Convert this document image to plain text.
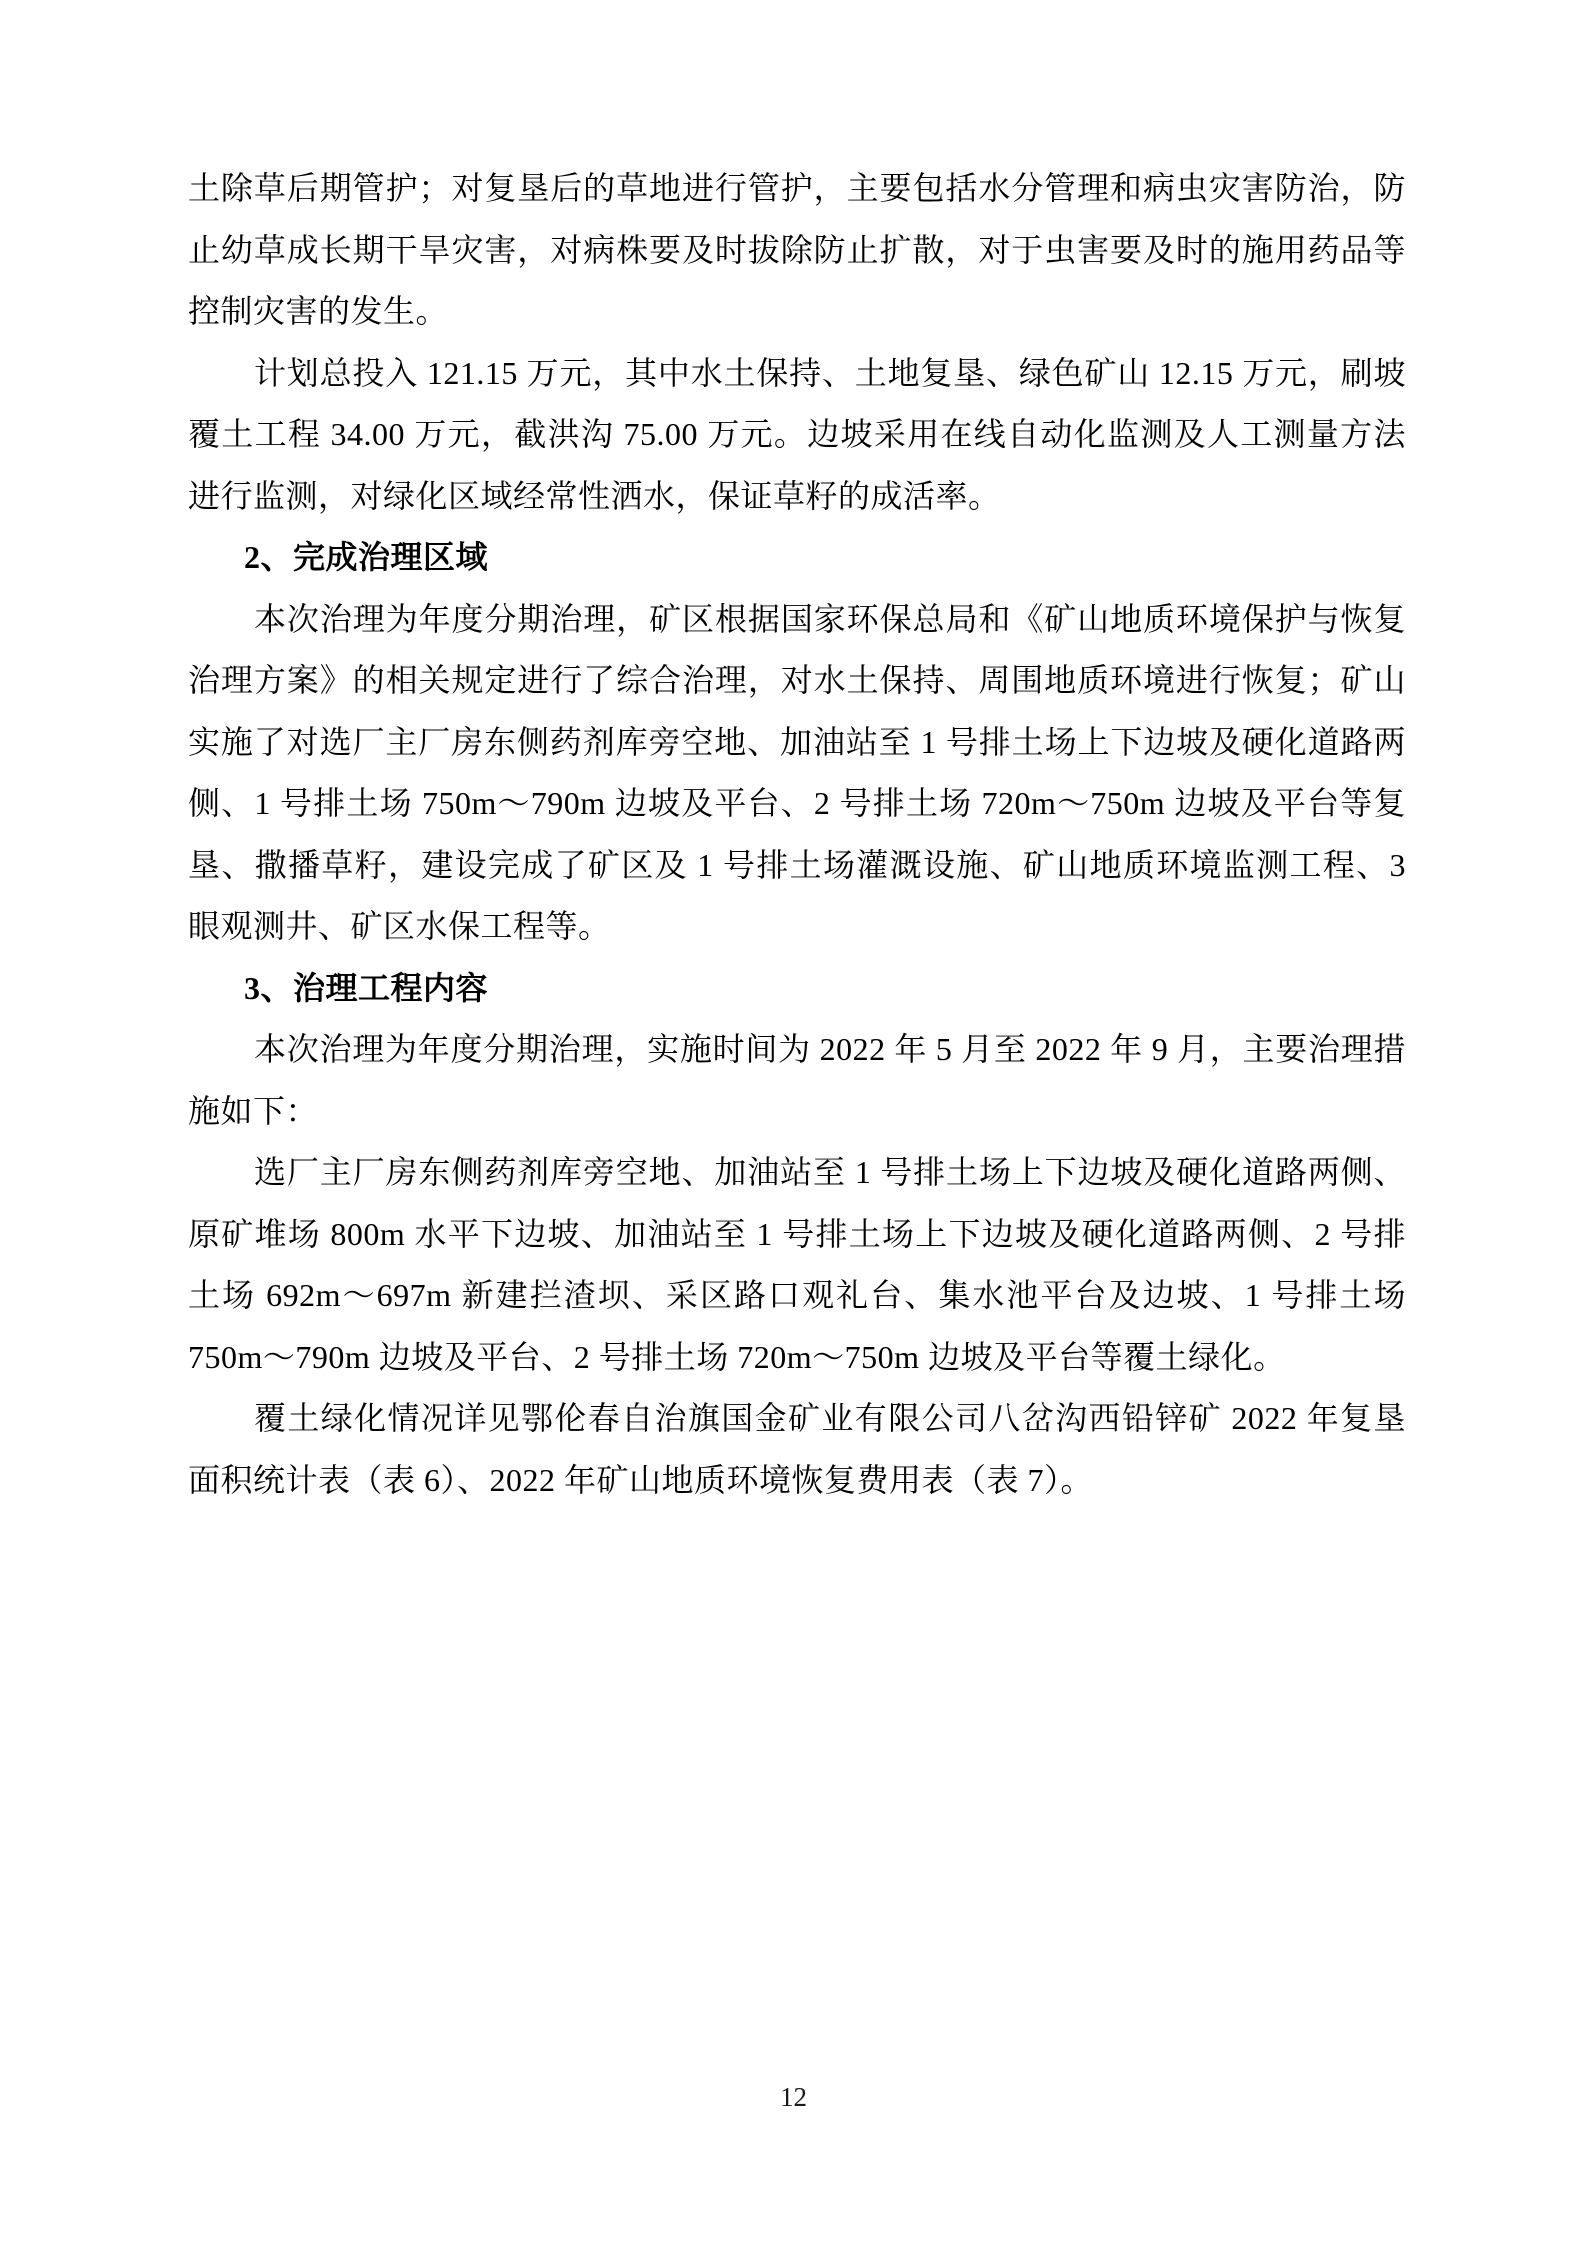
土除草后期管护；对复垦后的草地进行管护，主要包括水分管理和病虫灾害防治，防止幼草成长期干旱灾害，对病株要及时拔除防止扩散，对于虫害要及时的施用药品等控制灾害的发生。

计划总投入 121.15 万元，其中水土保持、土地复垦、绿色矿山 12.15 万元，刷坡覆土工程 34.00 万元，截洪沟 75.00 万元。边坡采用在线自动化监测及人工测量方法进行监测，对绿化区域经常性洒水，保证草籽的成活率。

2、完成治理区域

本次治理为年度分期治理，矿区根据国家环保总局和《矿山地质环境保护与恢复治理方案》的相关规定进行了综合治理，对水土保持、周围地质环境进行恢复；矿山实施了对选厂主厂房东侧药剂库旁空地、加油站至 1 号排土场上下边坡及硬化道路两侧、1 号排土场 750m～790m 边坡及平台、2 号排土场 720m～750m 边坡及平台等复垦、撒播草籽，建设完成了矿区及 1 号排土场灌溉设施、矿山地质环境监测工程、3 眼观测井、矿区水保工程等。

3、治理工程内容

本次治理为年度分期治理，实施时间为 2022 年 5 月至 2022 年 9 月，主要治理措施如下：

选厂主厂房东侧药剂库旁空地、加油站至 1 号排土场上下边坡及硬化道路两侧、原矿堆场 800m 水平下边坡、加油站至 1 号排土场上下边坡及硬化道路两侧、2 号排土场 692m～697m 新建拦渣坝、采区路口观礼台、集水池平台及边坡、1 号排土场 750m～790m 边坡及平台、2 号排土场 720m～750m 边坡及平台等覆土绿化。

覆土绿化情况详见鄂伦春自治旗国金矿业有限公司八岔沟西铅锌矿 2022 年复垦面积统计表（表 6）、2022 年矿山地质环境恢复费用表（表 7）。

12
